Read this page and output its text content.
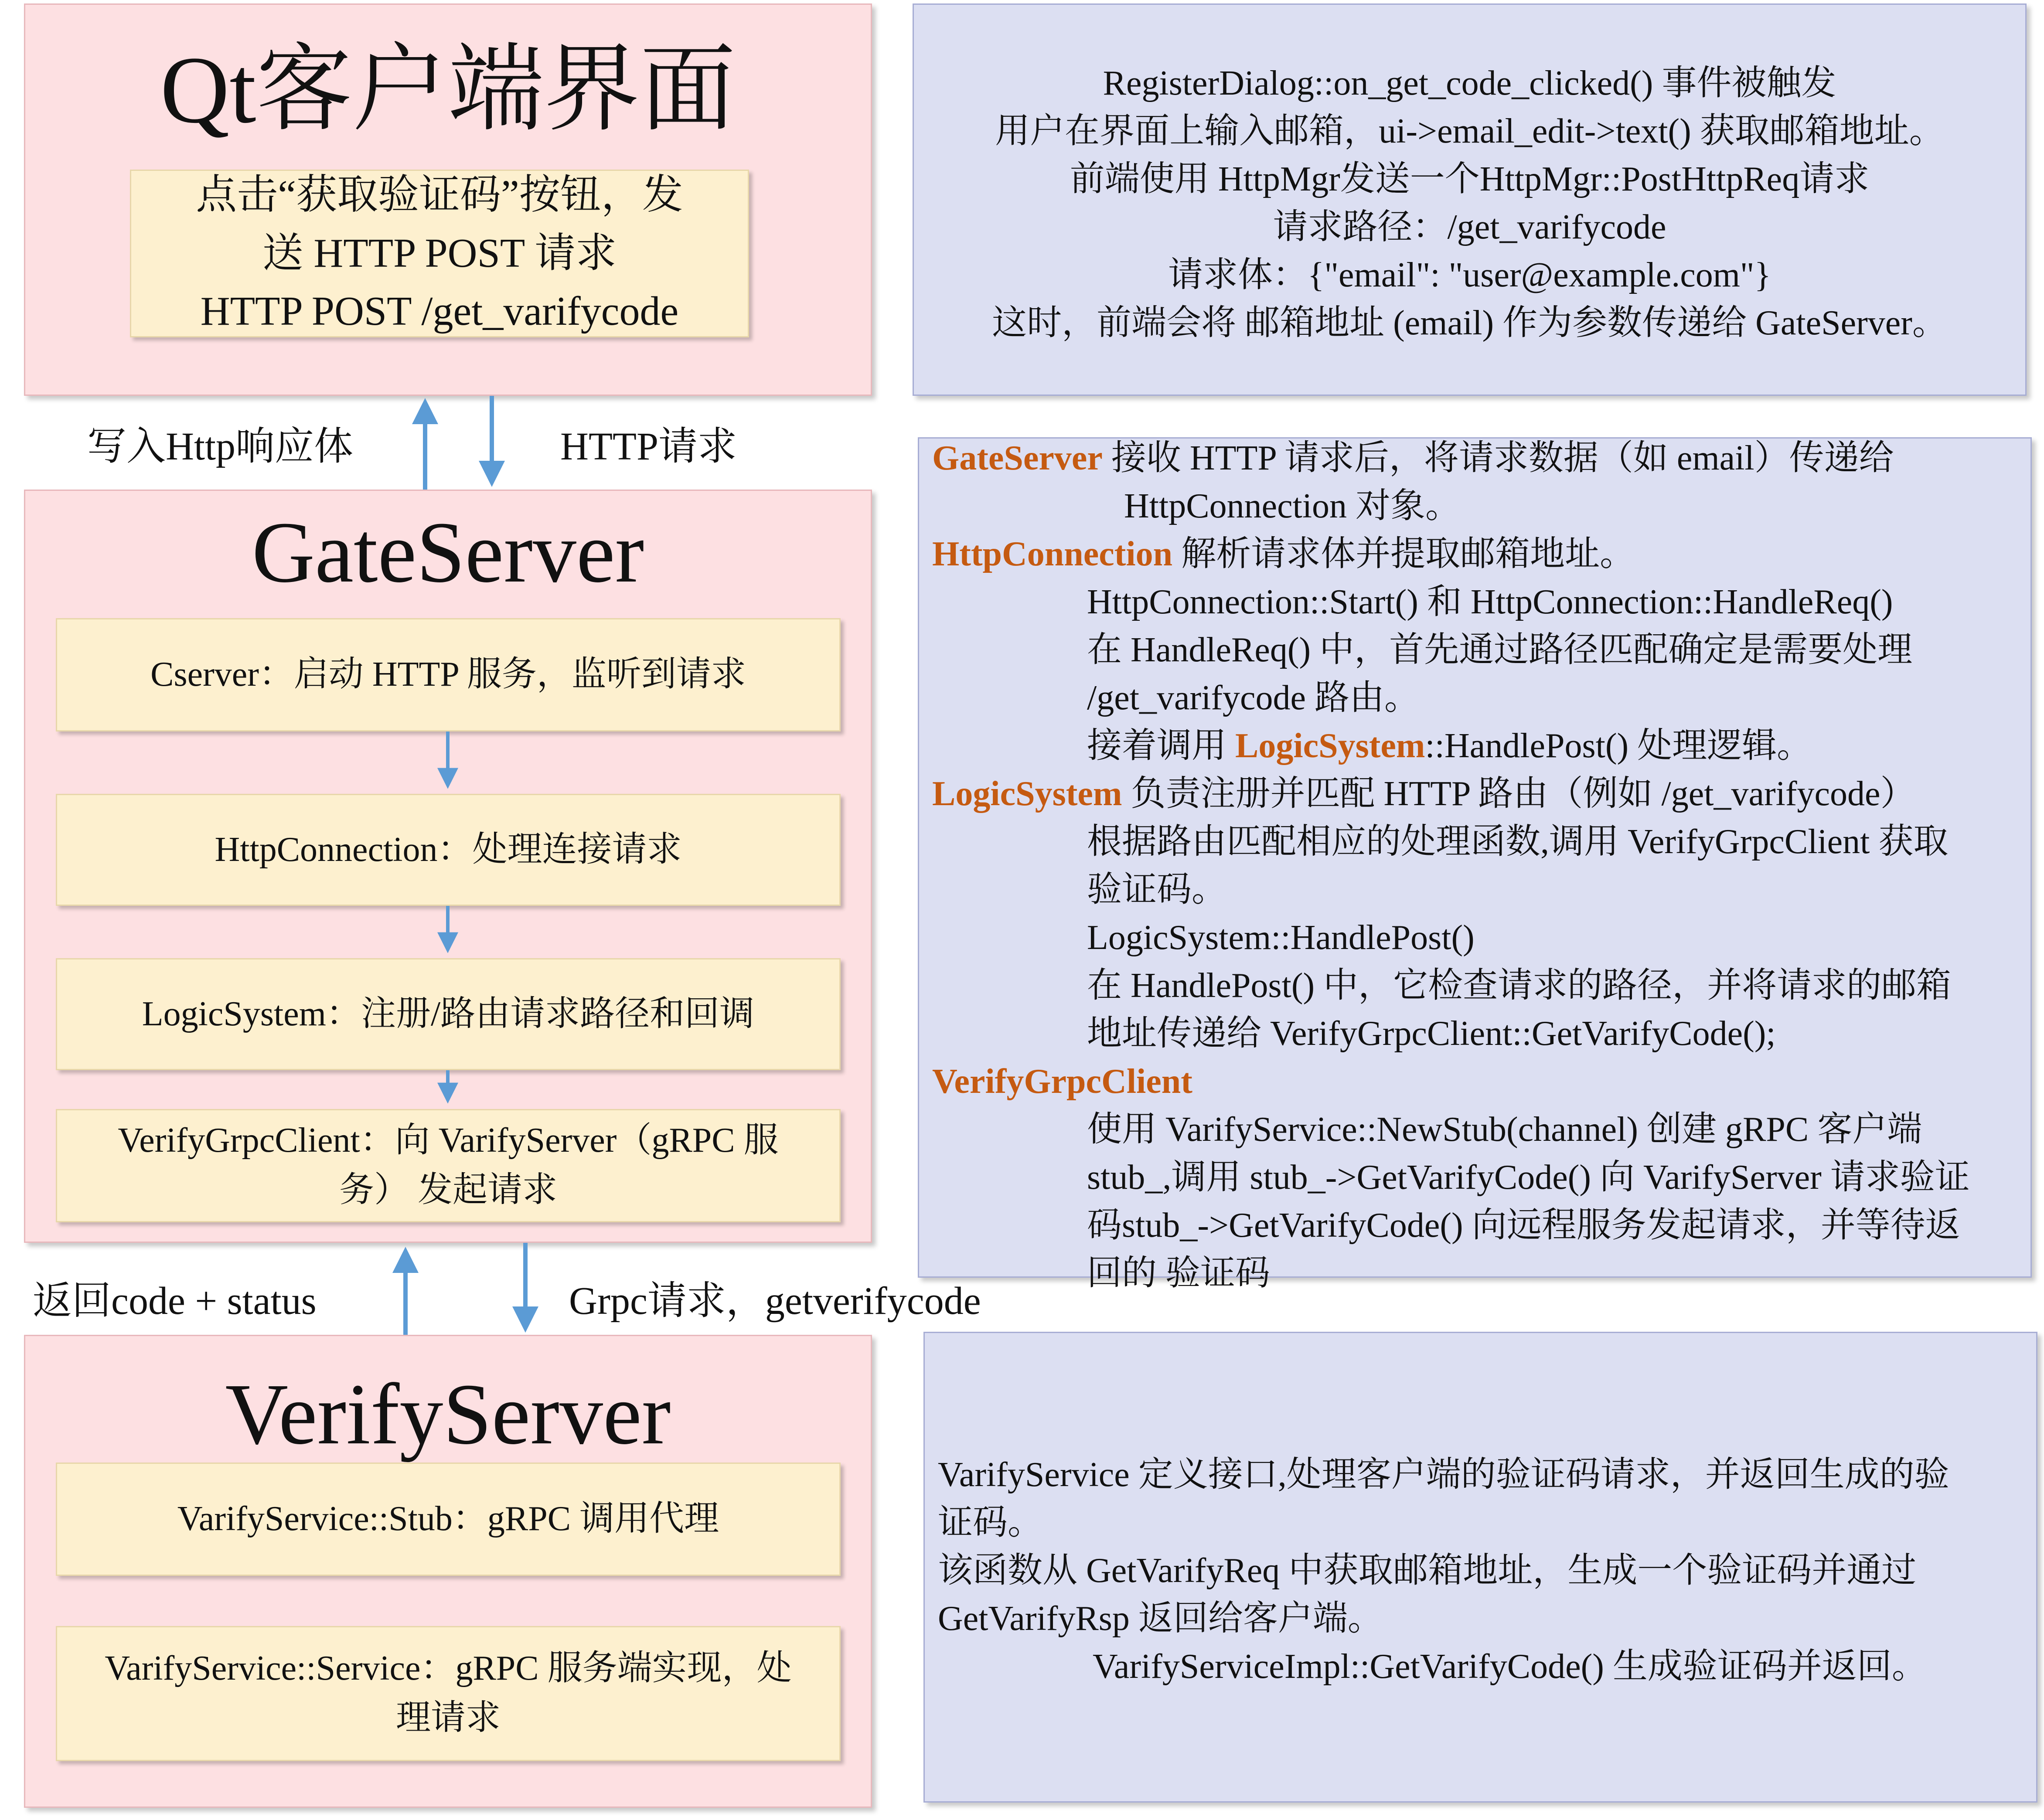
Qt客户端界面
点击“获取验证码”按钮，发
送 HTTP POST 请求
HTTP POST /get_varifycode
写入Http响应体	HTTP请求
GateServer
Cserver：启动 HTTP 服务，监听到请求
HttpConnection：处理连接请求
LogicSystem：注册/路由请求路径和回调
VerifyGrpcClient：向 VarifyServer（gRPC 服
务） 发起请求
返回code + status	Grpc请求，getverifycode
VerifyServer
VarifyService::Stub：gRPC 调用代理
VarifyService::Service：gRPC 服务端实现，处
理请求
RegisterDialog::on_get_code_clicked() 事件被触发
用户在界面上输入邮箱，ui->email_edit->text() 获取邮箱地址。
前端使用 HttpMgr发送一个HttpMgr::PostHttpReq请求
请求路径：/get_varifycode
请求体：{"email": "user@example.com"}
这时，前端会将 邮箱地址 (email) 作为参数传递给 GateServer。
GateServer 接收 HTTP 请求后，将请求数据（如 email）传递给
HttpConnection 对象。
HttpConnection 解析请求体并提取邮箱地址。
HttpConnection::Start() 和 HttpConnection::HandleReq()
在 HandleReq() 中，首先通过路径匹配确定是需要处理
/get_varifycode 路由。
接着调用 LogicSystem::HandlePost() 处理逻辑。
LogicSystem 负责注册并匹配 HTTP 路由（例如 /get_varifycode）
根据路由匹配相应的处理函数,调用 VerifyGrpcClient 获取
验证码。
LogicSystem::HandlePost()
在 HandlePost() 中，它检查请求的路径，并将请求的邮箱
地址传递给 VerifyGrpcClient::GetVarifyCode();
VerifyGrpcClient
使用 VarifyService::NewStub(channel) 创建 gRPC 客户端
stub_,调用 stub_->GetVarifyCode() 向 VarifyServer 请求验证
码stub_->GetVarifyCode() 向远程服务发起请求，并等待返
回的 验证码
VarifyService 定义接口,处理客户端的验证码请求，并返回生成的验
证码。
该函数从 GetVarifyReq 中获取邮箱地址，生成一个验证码并通过
GetVarifyRsp 返回给客户端。
VarifyServiceImpl::GetVarifyCode() 生成验证码并返回。
